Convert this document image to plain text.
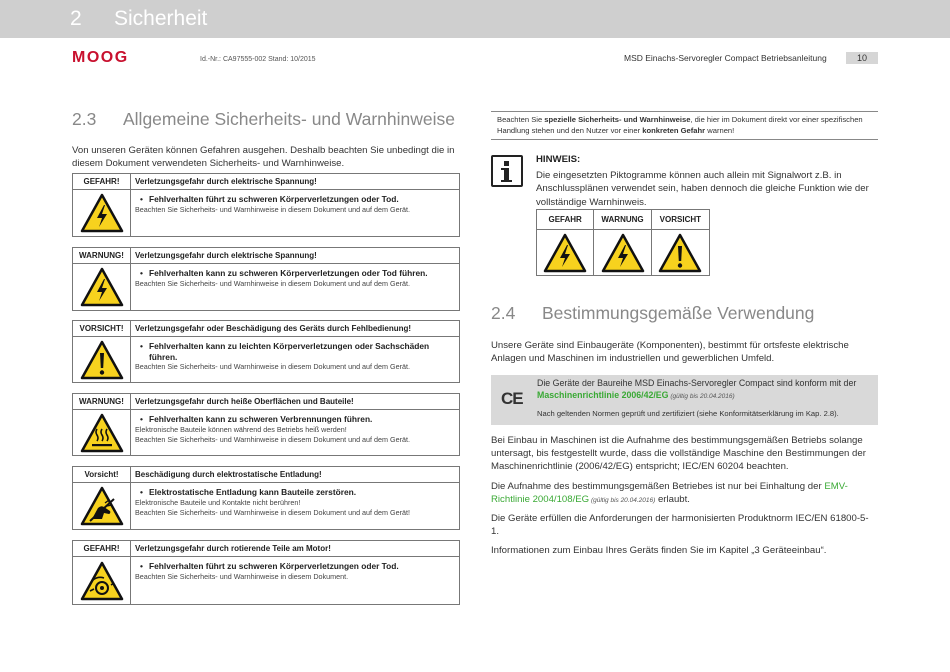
2 Sicherheit
MOOG	Id.-Nr.: CA97555-002 Stand: 10/2015	MSD Einachs-Servoregler Compact Betriebsanleitung	10
2.3 Allgemeine Sicherheits- und Warnhinweise
Von unseren Geräten können Gefahren ausgehen. Deshalb beachten Sie unbedingt die in diesem Dokument verwendeten Sicherheits- und Warnhinweise.
GEFAHR!	Verletzungsgefahr durch elektrische Spannung!
• Fehlverhalten führt zu schweren Körperverletzungen oder Tod.
Beachten Sie Sicherheits- und Warnhinweise in diesem Dokument und auf dem Gerät.
WARNUNG!	Verletzungsgefahr durch elektrische Spannung!
• Fehlverhalten kann zu schweren Körperverletzungen oder Tod führen.
Beachten Sie Sicherheits- und Warnhinweise in diesem Dokument und auf dem Gerät.
VORSICHT!	Verletzungsgefahr oder Beschädigung des Geräts durch Fehlbedienung!
• Fehlverhalten kann zu leichten Körperverletzungen oder Sachschäden führen.
Beachten Sie Sicherheits- und Warnhinweise in diesem Dokument und auf dem Gerät.
WARNUNG!	Verletzungsgefahr durch heiße Oberflächen und Bauteile!
• Fehlverhalten kann zu schweren Verbrennungen führen.
Elektronische Bauteile können während des Betriebs heiß werden!
Beachten Sie Sicherheits- und Warnhinweise in diesem Dokument und auf dem Gerät.
Vorsicht!	Beschädigung durch elektrostatische Entladung!
• Elektrostatische Entladung kann Bauteile zerstören.
Elektronische Bauteile und Kontakte nicht berühren!
Beachten Sie Sicherheits- und Warnhinweise in diesem Dokument und auf dem Gerät!
GEFAHR!	Verletzungsgefahr durch rotierende Teile am Motor!
• Fehlverhalten führt zu schweren Körperverletzungen oder Tod.
Beachten Sie Sicherheits- und Warnhinweise in diesem Dokument.
Beachten Sie spezielle Sicherheits- und Warnhinweise, die hier im Dokument direkt vor einer spezifischen Handlung stehen und den Nutzer vor einer konkreten Gefahr warnen!
HINWEIS:
Die eingesetzten Piktogramme können auch allein mit Signalwort z.B. in Anschlussplänen verwendet sein, haben dennoch die gleiche Funktion wie der vollständige Warnhinweis.
GEFAHR	WARNUNG	VORSICHT
2.4 Bestimmungsgemäße Verwendung
Unsere Geräte sind Einbaugeräte (Komponenten), bestimmt für ortsfeste elektrische Anlagen und Maschinen im industriellen und gewerblichen Umfeld.
CE
Die Geräte der Baureihe MSD Einachs-Servoregler Compact sind konform mit der Maschinenrichtlinie 2006/42/EG (gültig bis 20.04.2016)
Nach geltenden Normen geprüft und zertifiziert (siehe Konformitätserklärung im Kap. 2.8).
Bei Einbau in Maschinen ist die Aufnahme des bestimmungsgemäßen Betriebs solange untersagt, bis festgestellt wurde, dass die vollständige Maschine den Bestimmungen der Maschinenrichtlinie (2006/42/EG) entspricht; IEC/EN 60204 beachten.
Die Aufnahme des bestimmungsgemäßen Betriebes ist nur bei Einhaltung der EMV-Richtlinie 2004/108/EG (gültig bis 20.04.2016) erlaubt.
Die Geräte erfüllen die Anforderungen der harmonisierten Produktnorm IEC/EN 61800-5-1.
Informationen zum Einbau Ihres Geräts finden Sie im Kapitel „3 Geräteeinbau“.
